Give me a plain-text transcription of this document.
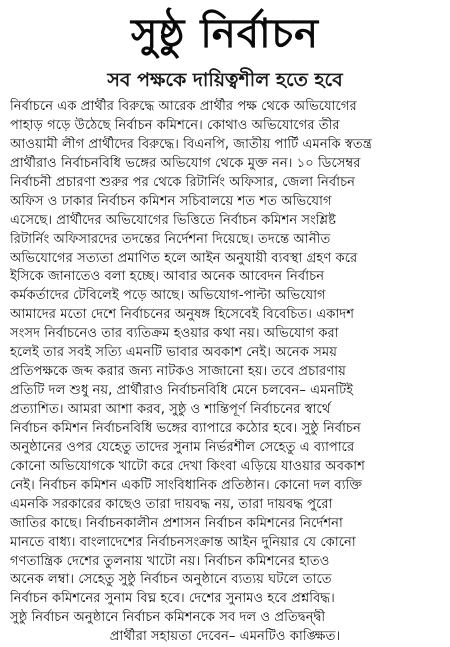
সুষ্ঠু নির্বাচন
সব পক্ষকে দায়িত্বশীল হতে হবে
নির্বাচনে এক প্রার্থীর বিরুদ্ধে আরেক প্রার্থীর পক্ষ থেকে অভিযোগের
পাহাড় গড়ে উঠেছে নির্বাচন কমিশনে। কোথাও অভিযোগের তীর
আওয়ামী লীগ প্রার্থীদের বিরুদ্ধে। বিএনপি, জাতীয় পার্টি এমনকি স্বতন্ত্র
প্রার্থীরাও নির্বাচনবিধি ভঙ্গের অভিযোগ থেকে মুক্ত নন। ১০ ডিসেম্বর
নির্বাচনী প্রচারণা শুরুর পর থেকে রিটার্নিং অফিসার, জেলা নির্বাচন
অফিস ও ঢাকার নির্বাচন কমিশন সচিবালয়ে শত শত অভিযোগ
এসেছে। প্রার্থীদের অভিযোগের ভিত্তিতে নির্বাচন কমিশন সংশ্লিষ্ট
রিটার্নিং অফিসারদের তদন্তের নির্দেশনা দিয়েছে। তদন্তে আনীত
অভিযোগের সত্যতা প্রমাণিত হলে আইন অনুযায়ী ব্যবস্থা গ্রহণ করে
ইসিকে জানাতেও বলা হচ্ছে। আবার অনেক আবেদন নির্বাচন
কর্মকর্তাদের টেবিলেই পড়ে আছে। অভিযোগ-পাল্টা অভিযোগ
আমাদের মতো দেশে নির্বাচনের অনুষঙ্গ হিসেবেই বিবেচিত। একাদশ
সংসদ নির্বাচনেও তার ব্যতিক্রম হওয়ার কথা নয়। অভিযোগ করা
হলেই তার সবই সত্যি এমনটি ভাবার অবকাশ নেই। অনেক সময়
প্রতিপক্ষকে জব্দ করার জন্য নাটকও সাজানো হয়। তবে প্রচারণায়
প্রতিটি দল শুধু নয়, প্রার্থীরাও নির্বাচনবিধি মেনে চলবেন– এমনটিই
প্রত্যাশিত। আমরা আশা করব, সুষ্ঠু ও শান্তিপূর্ণ নির্বাচনের স্বার্থে
নির্বাচন কমিশন নির্বাচনবিধি ভঙ্গের ব্যাপারে কঠোর হবে। সুষ্ঠু নির্বাচন
অনুষ্ঠানের ওপর যেহেতু তাদের সুনাম নির্ভরশীল সেহেতু এ ব্যাপারে
কোনো অভিযোগকে খাটো করে দেখা কিংবা এড়িয়ে যাওয়ার অবকাশ
নেই। নির্বাচন কমিশন একটি সাংবিধানিক প্রতিষ্ঠান। কোনো দল ব্যক্তি
এমনকি সরকারের কাছেও তারা দায়বদ্ধ নয়, তারা দায়বদ্ধ পুরো
জাতির কাছে। নির্বাচনকালীন প্রশাসন নির্বাচন কমিশনের নির্দেশনা
মানতে বাধ্য। বাংলাদেশের নির্বাচনসংক্রান্ত আইন দুনিয়ার যে কোনো
গণতান্ত্রিক দেশের তুলনায় খাটো নয়। নির্বাচন কমিশনের হাতও
অনেক লম্বা। সেহেতু সুষ্ঠু নির্বাচন অনুষ্ঠানে ব্যত্যয় ঘটলে তাতে
নির্বাচন কমিশনের সুনাম বিঘ্ন হবে। দেশের সুনামও হবে প্রশ্নবিদ্ধ।
সুষ্ঠু নির্বাচন অনুষ্ঠানে নির্বাচন কমিশনকে সব দল ও প্রতিদ্বন্দ্বী
প্রার্থীরা সহায়তা দেবেন– এমনটিও কাঙ্ক্ষিত।
